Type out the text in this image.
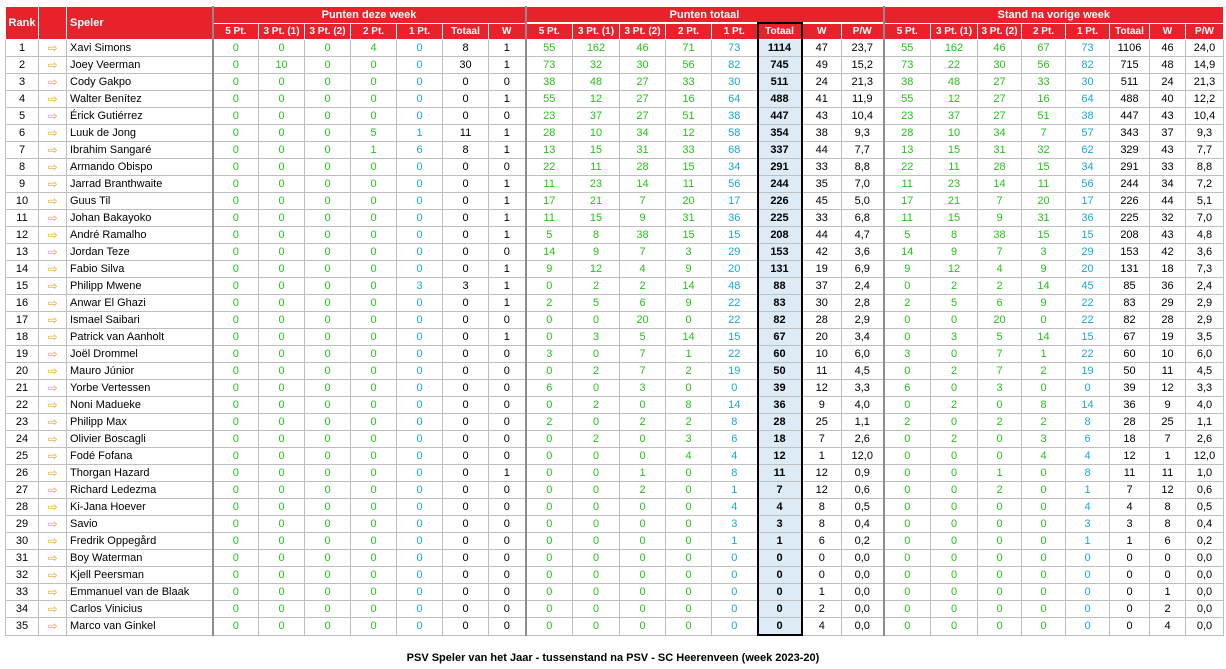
Rank		Speler	Punten deze week							Punten totaal								Stand na vorige week							
			5 Pt.	3 Pt. (1)	3 Pt. (2)	2 Pt.	1 Pt.	Totaal	W	5 Pt.	3 Pt. (1)	3 Pt. (2)	2 Pt.	1 Pt.	Totaal	W	P/W	5 Pt.	3 Pt. (1)	3 Pt. (2)	2 Pt.	1 Pt.	Totaal	W	P/W
1	⇨	Xavi Simons	0	0	0	4	0	8	1	55	162	46	71	73	1114	47	23,7	55	162	46	67	73	1106	46	24,0
2	⇨	Joey Veerman	0	10	0	0	0	30	1	73	32	30	56	82	745	49	15,2	73	22	30	56	82	715	48	14,9
3	⇨	Cody Gakpo	0	0	0	0	0	0	0	38	48	27	33	30	511	24	21,3	38	48	27	33	30	511	24	21,3
4	⇨	Walter Benítez	0	0	0	0	0	0	1	55	12	27	16	64	488	41	11,9	55	12	27	16	64	488	40	12,2
5	⇨	Érick Gutiérrez	0	0	0	0	0	0	0	23	37	27	51	38	447	43	10,4	23	37	27	51	38	447	43	10,4
6	⇨	Luuk de Jong	0	0	0	5	1	11	1	28	10	34	12	58	354	38	9,3	28	10	34	7	57	343	37	9,3
7	⇨	Ibrahim Sangaré	0	0	0	1	6	8	1	13	15	31	33	68	337	44	7,7	13	15	31	32	62	329	43	7,7
8	⇨	Armando Obispo	0	0	0	0	0	0	0	22	11	28	15	34	291	33	8,8	22	11	28	15	34	291	33	8,8
9	⇨	Jarrad Branthwaite	0	0	0	0	0	0	1	11	23	14	11	56	244	35	7,0	11	23	14	11	56	244	34	7,2
10	⇨	Guus Til	0	0	0	0	0	0	1	17	21	7	20	17	226	45	5,0	17	21	7	20	17	226	44	5,1
11	⇨	Johan Bakayoko	0	0	0	0	0	0	1	11	15	9	31	36	225	33	6,8	11	15	9	31	36	225	32	7,0
12	⇨	André Ramalho	0	0	0	0	0	0	1	5	8	38	15	15	208	44	4,7	5	8	38	15	15	208	43	4,8
13	⇨	Jordan Teze	0	0	0	0	0	0	0	14	9	7	3	29	153	42	3,6	14	9	7	3	29	153	42	3,6
14	⇨	Fabio Silva	0	0	0	0	0	0	1	9	12	4	9	20	131	19	6,9	9	12	4	9	20	131	18	7,3
15	⇨	Philipp Mwene	0	0	0	0	3	3	1	0	2	2	14	48	88	37	2,4	0	2	2	14	45	85	36	2,4
16	⇨	Anwar El Ghazi	0	0	0	0	0	0	1	2	5	6	9	22	83	30	2,8	2	5	6	9	22	83	29	2,9
17	⇨	Ismael Saibari	0	0	0	0	0	0	0	0	0	20	0	22	82	28	2,9	0	0	20	0	22	82	28	2,9
18	⇨	Patrick van Aanholt	0	0	0	0	0	0	1	0	3	5	14	15	67	20	3,4	0	3	5	14	15	67	19	3,5
19	⇨	Joël Drommel	0	0	0	0	0	0	0	3	0	7	1	22	60	10	6,0	3	0	7	1	22	60	10	6,0
20	⇨	Mauro Júnior	0	0	0	0	0	0	0	0	2	7	2	19	50	11	4,5	0	2	7	2	19	50	11	4,5
21	⇨	Yorbe Vertessen	0	0	0	0	0	0	0	6	0	3	0	0	39	12	3,3	6	0	3	0	0	39	12	3,3
22	⇨	Noni Madueke	0	0	0	0	0	0	0	0	2	0	8	14	36	9	4,0	0	2	0	8	14	36	9	4,0
23	⇨	Philipp Max	0	0	0	0	0	0	0	2	0	2	2	8	28	25	1,1	2	0	2	2	8	28	25	1,1
24	⇨	Olivier Boscagli	0	0	0	0	0	0	0	0	2	0	3	6	18	7	2,6	0	2	0	3	6	18	7	2,6
25	⇨	Fodé Fofana	0	0	0	0	0	0	0	0	0	0	4	4	12	1	12,0	0	0	0	4	4	12	1	12,0
26	⇨	Thorgan Hazard	0	0	0	0	0	0	1	0	0	1	0	8	11	12	0,9	0	0	1	0	8	11	11	1,0
27	⇨	Richard Ledezma	0	0	0	0	0	0	0	0	0	2	0	1	7	12	0,6	0	0	2	0	1	7	12	0,6
28	⇨	Ki-Jana Hoever	0	0	0	0	0	0	0	0	0	0	0	4	4	8	0,5	0	0	0	0	4	4	8	0,5
29	⇨	Savio	0	0	0	0	0	0	0	0	0	0	0	3	3	8	0,4	0	0	0	0	3	3	8	0,4
30	⇨	Fredrik Oppegård	0	0	0	0	0	0	0	0	0	0	0	1	1	6	0,2	0	0	0	0	1	1	6	0,2
31	⇨	Boy Waterman	0	0	0	0	0	0	0	0	0	0	0	0	0	0	0,0	0	0	0	0	0	0	0	0,0
32	⇨	Kjell Peersman	0	0	0	0	0	0	0	0	0	0	0	0	0	0	0,0	0	0	0	0	0	0	0	0,0
33	⇨	Emmanuel van de Blaak	0	0	0	0	0	0	0	0	0	0	0	0	0	1	0,0	0	0	0	0	0	0	1	0,0
34	⇨	Carlos Vinicius	0	0	0	0	0	0	0	0	0	0	0	0	0	2	0,0	0	0	0	0	0	0	2	0,0
35	⇨	Marco van Ginkel	0	0	0	0	0	0	0	0	0	0	0	0	0	4	0,0	0	0	0	0	0	0	4	0,0
PSV Speler van het Jaar - tussenstand na PSV - SC Heerenveen (week 2023-20)
